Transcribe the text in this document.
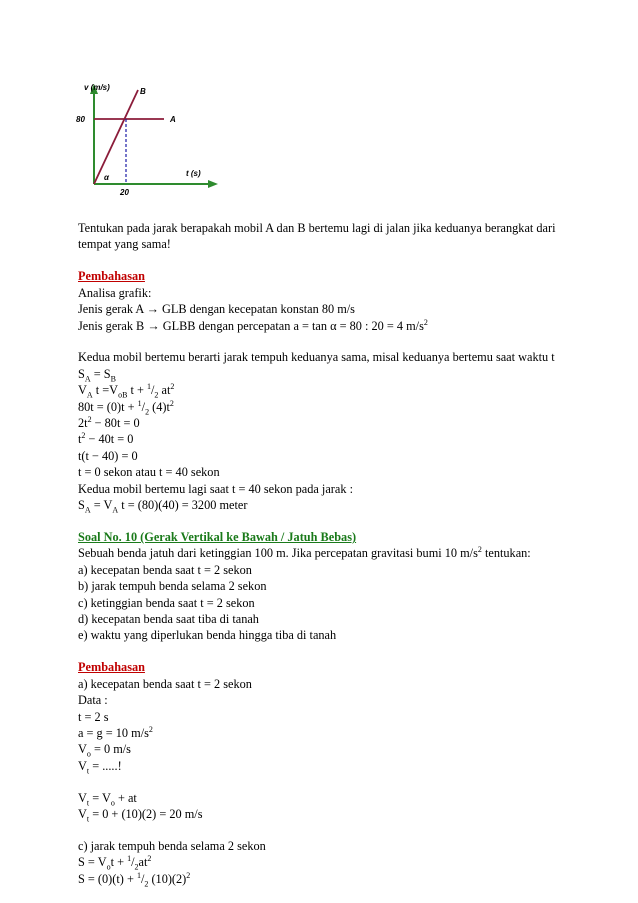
v (m/s)	B
A
80
20
α	t (s)
Tentukan pada jarak berapakah mobil A dan B bertemu lagi di jalan jika keduanya berangkat dari tempat yang sama!
Pembahasan
Analisa grafik:
Jenis gerak A → GLB dengan kecepatan konstan 80 m/s
Jenis gerak B → GLBB dengan percepatan a = tan α = 80 : 20 = 4 $m/s^2$
Kedua mobil bertemu berarti jarak tempuh keduanya sama, misal keduanya bertemu saat waktu t
$S_A = S_B$
$V_A$ $t =V_{oB}$ $t + ^1/_2$ $at^2$
$80t = (0)t + ^1/_2$ $(4)t^2$
$2t^2 - 80t = 0$
$t^2 - 40t = 0$
t(t − 40) = 0
t = 0 sekon atau t = 40 sekon
Kedua mobil bertemu lagi saat t = 40 sekon pada jarak :
$S_A = V_A$ t = (80)(40) = 3200 meter
Soal No. 10 (Gerak Vertikal ke Bawah / Jatuh Bebas)
Sebuah benda jatuh dari ketinggian 100 m. Jika percepatan gravitasi bumi 10 $m/s^2$ tentukan:
a) kecepatan benda saat t = 2 sekon
b) jarak tempuh benda selama 2 sekon
c) ketinggian benda saat t = 2 sekon
d) kecepatan benda saat tiba di tanah
e) waktu yang diperlukan benda hingga tiba di tanah
Pembahasan
a) kecepatan benda saat t = 2 sekon
Data :
t = 2 s
a = g = 10 $m/s^2$
$V_o = 0$ m/s
$V_t$ = .....!
$V_t = V_o$ + at
$V_t = 0 + (10)(2) = 20$ m/s
c) jarak tempuh benda selama 2 sekon
$S = V_ot + ^1/_2at^2$
$S = (0)(t) + ^1/_2$ $(10)(2)^2$
